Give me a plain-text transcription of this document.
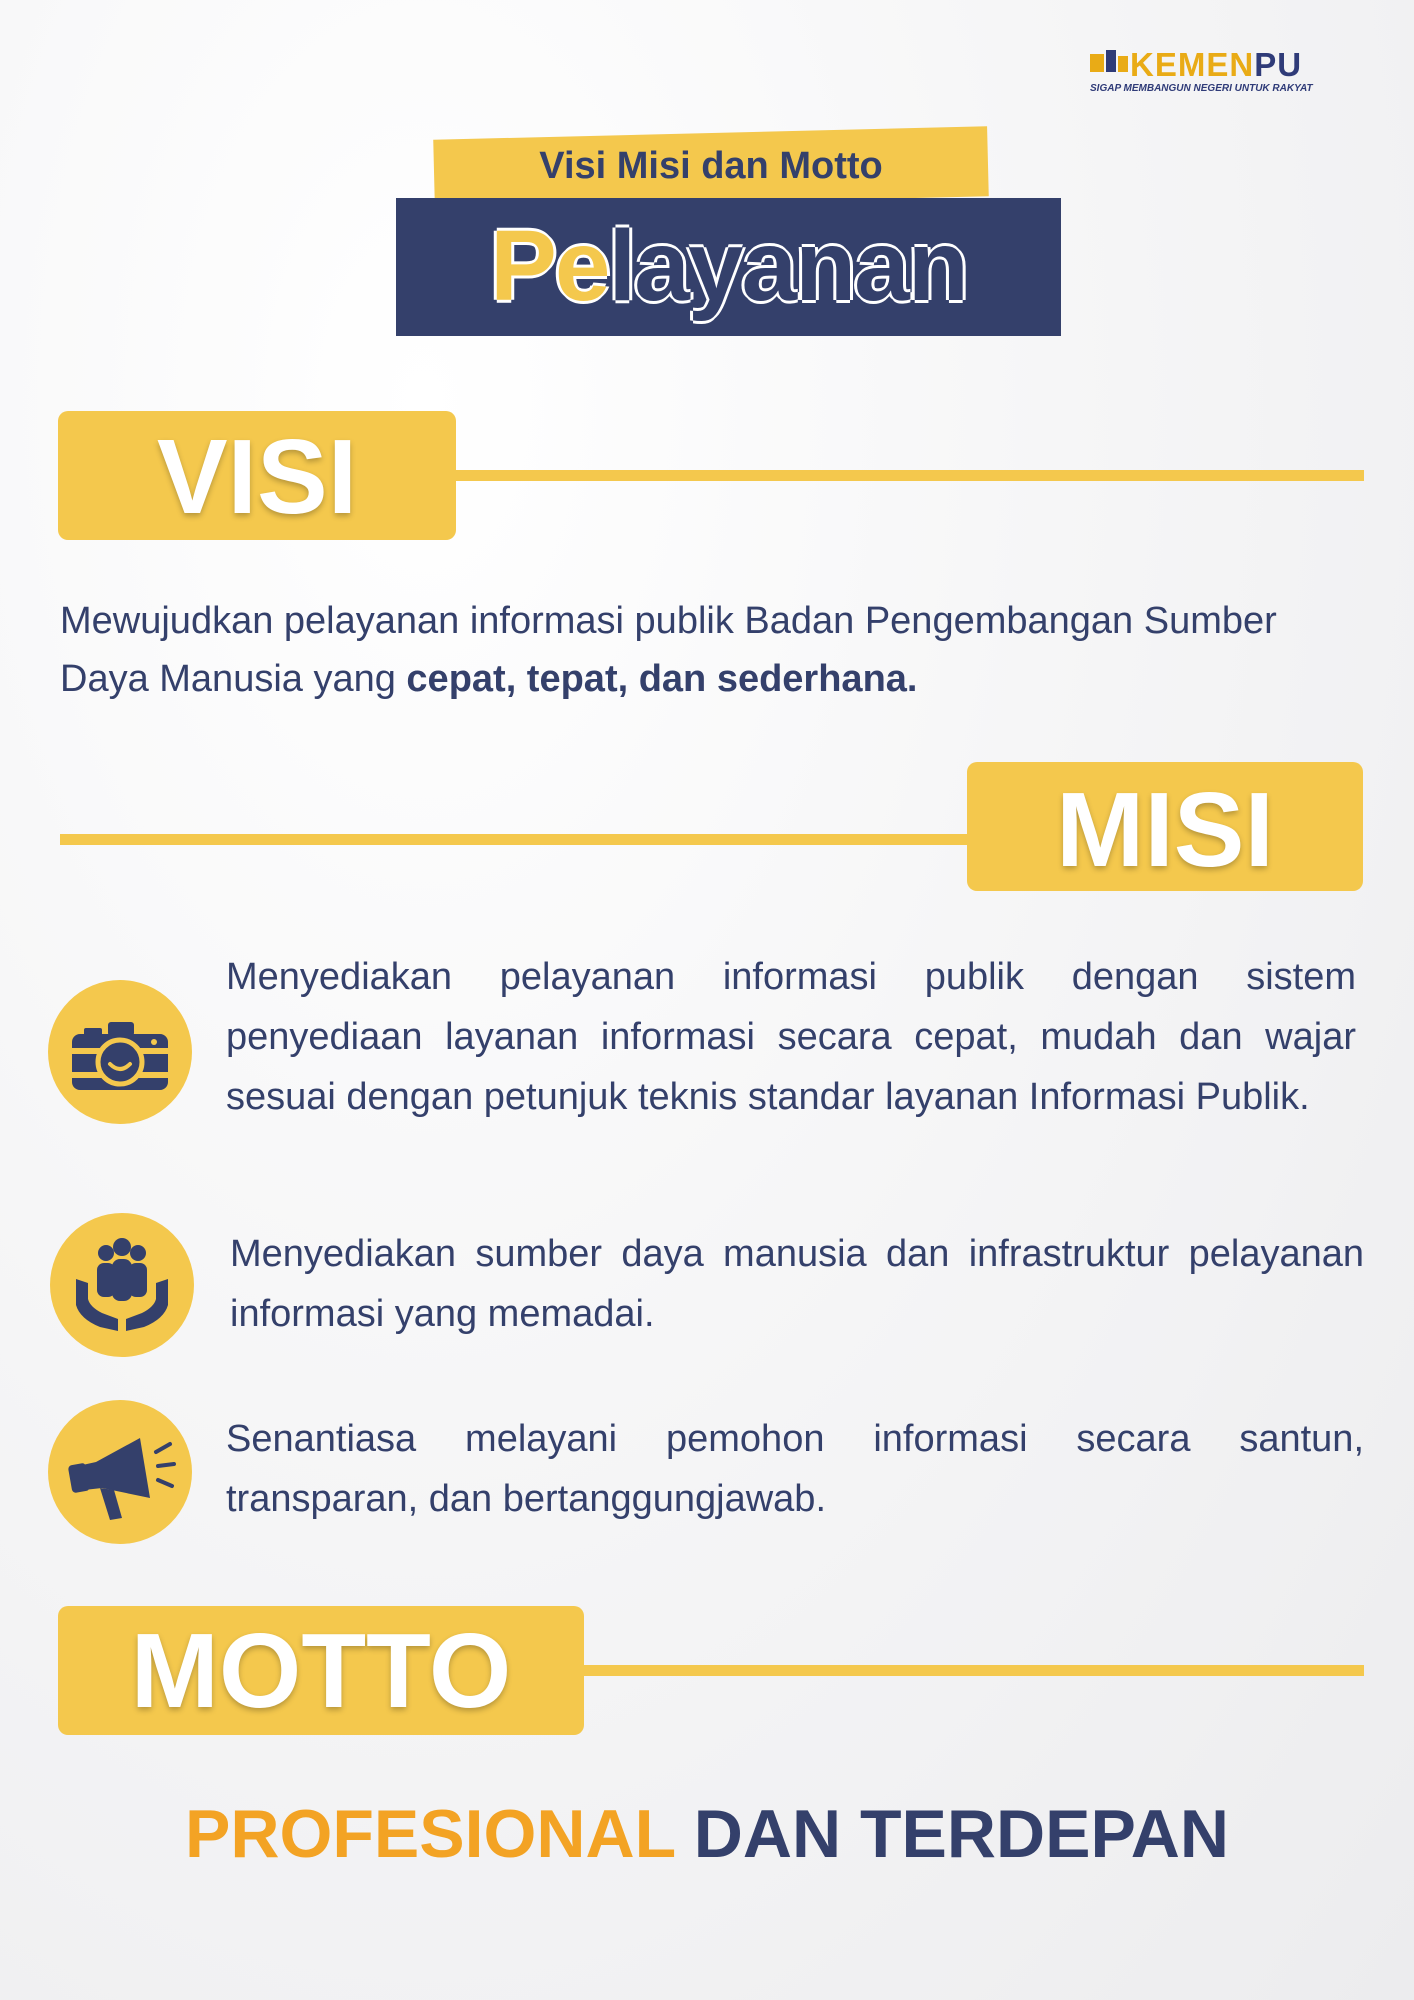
KEMENPU
SIGAP MEMBANGUN NEGERI UNTUK RAKYAT
Visi Misi dan Motto
Pelayanan
VISI
Mewujudkan pelayanan informasi publik Badan Pengembangan Sumber Daya Manusia yang cepat, tepat, dan sederhana.
MISI
Menyediakan pelayanan informasi publik dengan sistem penyediaan layanan informasi secara cepat, mudah dan wajar sesuai dengan petunjuk teknis standar layanan Informasi Publik.
Menyediakan sumber daya manusia dan infrastruktur pelayanan informasi yang memadai.
Senantiasa melayani pemohon informasi secara santun, transparan, dan bertanggungjawab.
MOTTO
PROFESIONAL DAN TERDEPAN
